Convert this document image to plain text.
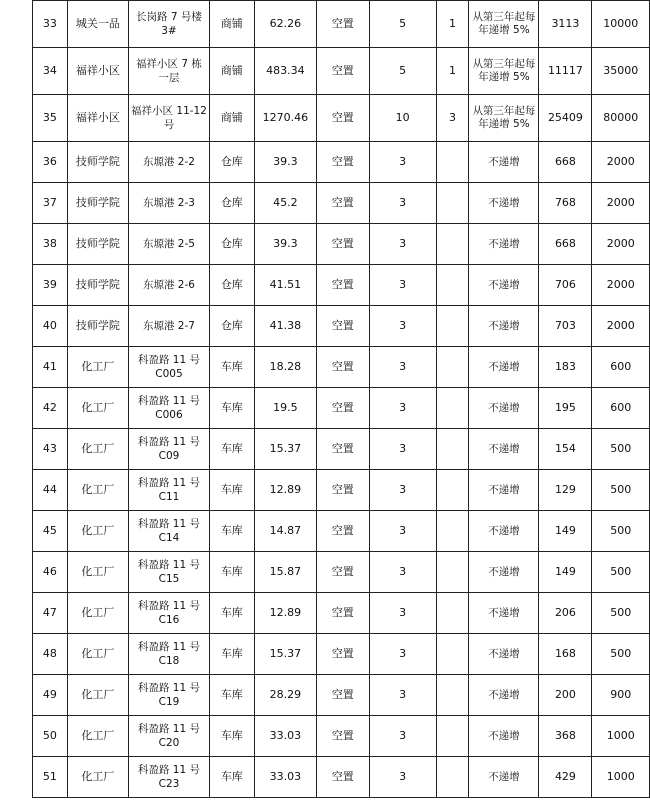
33	城关一品	长岗路 7 号楼 3#	商铺	62.26	空置	5	1	从第三年起每年递增 5%	3113	10000
34	福祥小区	福祥小区 7 栋一层	商铺	483.34	空置	5	1	从第三年起每年递增 5%	11117	35000
35	福祥小区	福祥小区 11-12号	商铺	1270.46	空置	10	3	从第三年起每年递增 5%	25409	80000
36	技师学院	东塬港 2-2	仓库	39.3	空置	3		不递增	668	2000
37	技师学院	东塬港 2-3	仓库	45.2	空置	3		不递增	768	2000
38	技师学院	东塬港 2-5	仓库	39.3	空置	3		不递增	668	2000
39	技师学院	东塬港 2-6	仓库	41.51	空置	3		不递增	706	2000
40	技师学院	东塬港 2-7	仓库	41.38	空置	3		不递增	703	2000
41	化工厂	科盈路 11 号 C005	车库	18.28	空置	3		不递增	183	600
42	化工厂	科盈路 11 号 C006	车库	19.5	空置	3		不递增	195	600
43	化工厂	科盈路 11 号 C09	车库	15.37	空置	3		不递增	154	500
44	化工厂	科盈路 11 号 C11	车库	12.89	空置	3		不递增	129	500
45	化工厂	科盈路 11 号 C14	车库	14.87	空置	3		不递增	149	500
46	化工厂	科盈路 11 号 C15	车库	15.87	空置	3		不递增	149	500
47	化工厂	科盈路 11 号 C16	车库	12.89	空置	3		不递增	206	500
48	化工厂	科盈路 11 号 C18	车库	15.37	空置	3		不递增	168	500
49	化工厂	科盈路 11 号 C19	车库	28.29	空置	3		不递增	200	900
50	化工厂	科盈路 11 号 C20	车库	33.03	空置	3		不递增	368	1000
51	化工厂	科盈路 11 号 C23	车库	33.03	空置	3		不递增	429	1000
